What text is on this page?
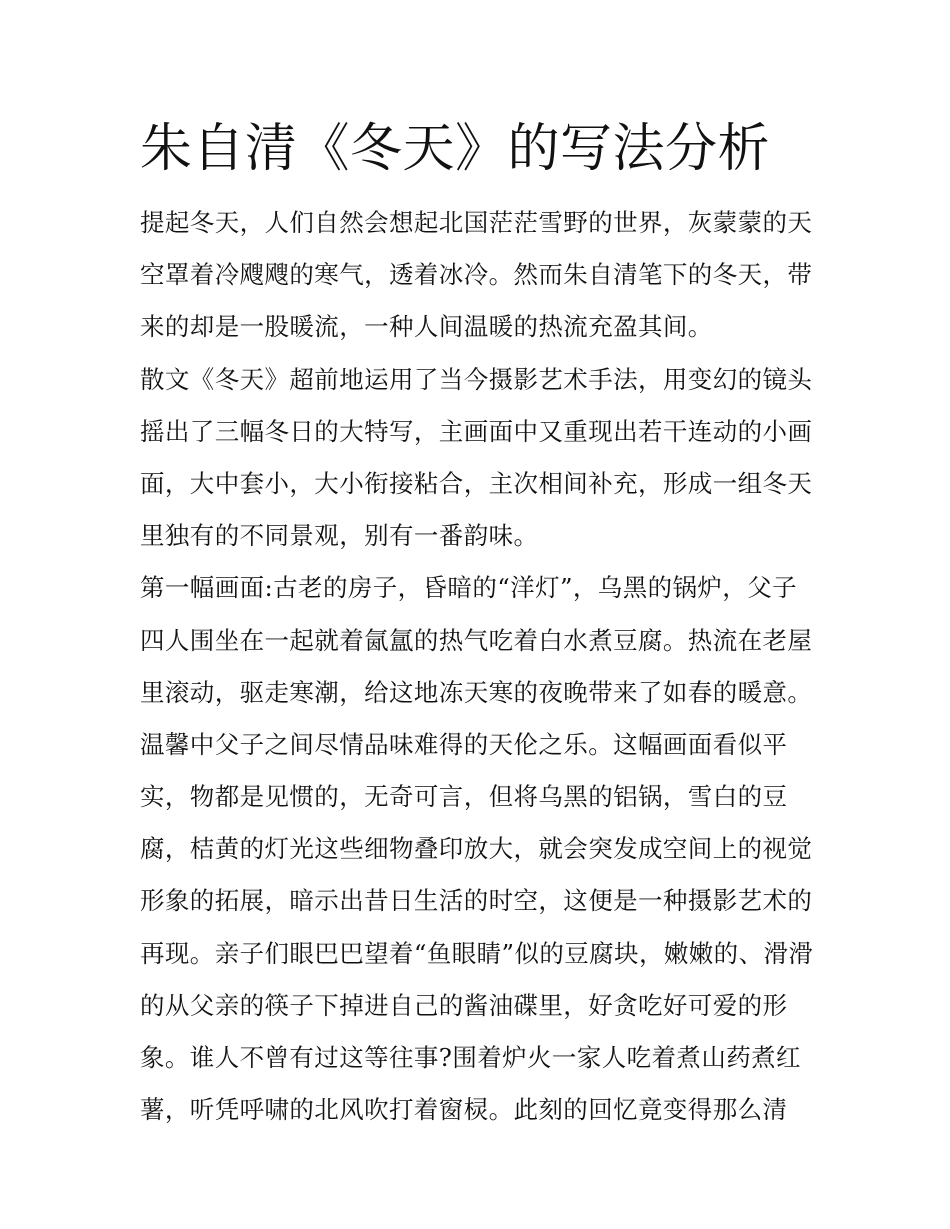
朱自清《冬天》的写法分析
提起冬天，人们自然会想起北国茫茫雪野的世界，灰蒙蒙的天
空罩着冷飕飕的寒气，透着冰冷。然而朱自清笔下的冬天，带
来的却是一股暖流，一种人间温暖的热流充盈其间。
散文《冬天》超前地运用了当今摄影艺术手法，用变幻的镜头
摇出了三幅冬日的大特写，主画面中又重现出若干连动的小画
面，大中套小，大小衔接粘合，主次相间补充，形成一组冬天
里独有的不同景观，别有一番韵味。
第一幅画面:古老的房子，昏暗的“洋灯”，乌黑的锅炉，父子
四人围坐在一起就着氤氲的热气吃着白水煮豆腐。热流在老屋
里滚动，驱走寒潮，给这地冻天寒的夜晚带来了如春的暖意。
温馨中父子之间尽情品味难得的天伦之乐。这幅画面看似平
实，物都是见惯的，无奇可言，但将乌黑的铝锅，雪白的豆
腐，桔黄的灯光这些细物叠印放大，就会突发成空间上的视觉
形象的拓展，暗示出昔日生活的时空，这便是一种摄影艺术的
再现。亲子们眼巴巴望着“鱼眼睛”似的豆腐块，嫩嫩的、滑滑
的从父亲的筷子下掉进自己的酱油碟里，好贪吃好可爱的形
象。谁人不曾有过这等往事?围着炉火一家人吃着煮山药煮红
薯，听凭呼啸的北风吹打着窗棂。此刻的回忆竟变得那么清
